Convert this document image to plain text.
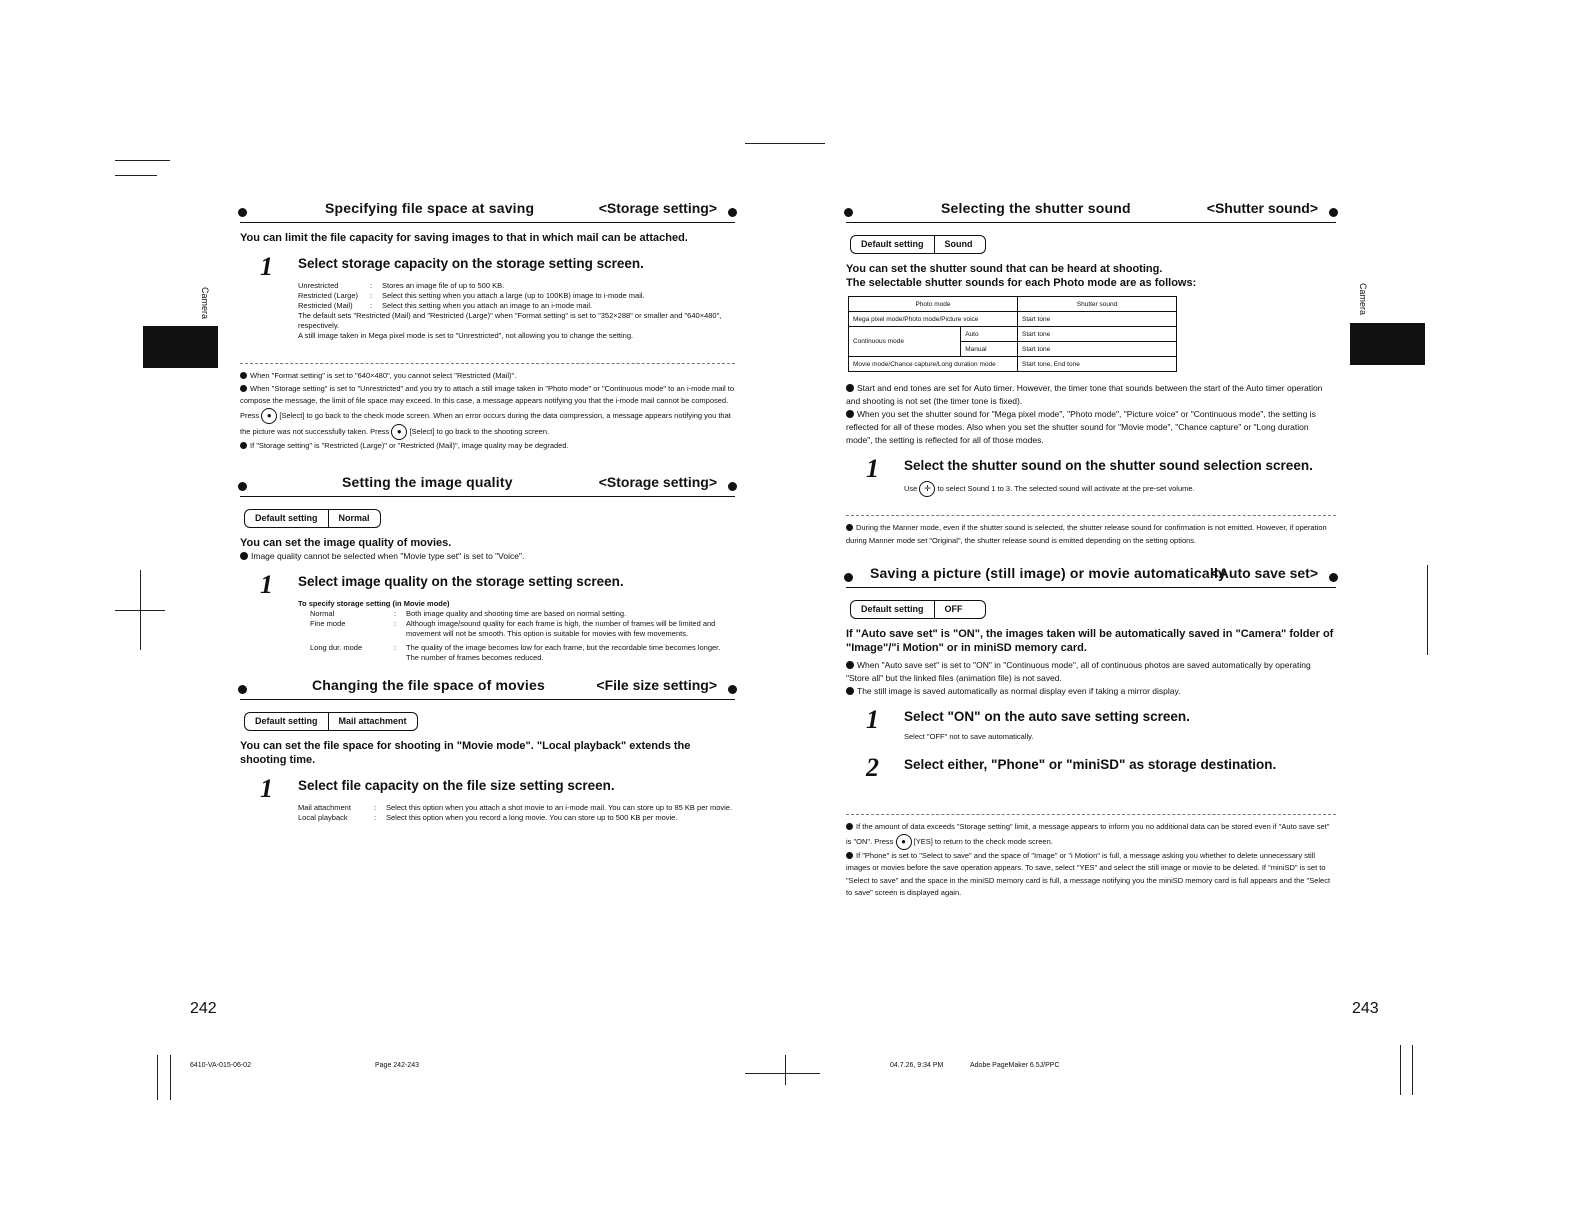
Camera	Camera
Specifying file space at saving	<Storage setting>

You can limit the file capacity for saving images to that in which mail can be attached.

1 Select storage capacity on the storage setting screen.
Unrestricted	:	Stores an image file of up to 500 KB.
Restricted (Large)	:	Select this setting when you attach a large (up to 100KB) image to i-mode mail.
Restricted (Mail)	:	Select this setting when you attach an image to an i-mode mail.
The default sets "Restricted (Mail) and "Restricted (Large)" when "Format setting" is set to "352×288" or smaller and "640×480", respectively.
A still image taken in Mega pixel mode is set to "Unrestricted", not allowing you to change the setting.
When "Format setting" is set to "640×480", you cannot select "Restricted (Mail)".
When "Storage setting" is set to "Unrestricted" and you try to attach a still image taken in "Photo mode" or "Continuous mode" to an i-mode mail to compose the message, the limit of file space may exceed. In this case, a message appears notifying you that the i-mode mail cannot be composed. Press ● [Select] to go back to the check mode screen. When an error occurs during the data compression, a message appears notifying you that the picture was not successfully taken. Press ● [Select] to go back to the shooting screen.
If "Storage setting" is "Restricted (Large)" or "Restricted (Mail)", image quality may be degraded.
Setting the image quality	<Storage setting>
Default setting	Normal

You can set the image quality of movies.

Image quality cannot be selected when "Movie type set" is set to "Voice".

1 Select image quality on the storage setting screen.
To specify storage setting (in Movie mode)
Normal	:	Both image quality and shooting time are based on normal setting.
Fine mode	:	Although image/sound quality for each frame is high, the number of frames will be limited and movement will not be smooth. This option is suitable for movies with few movements.
Long dur. mode	:	The quality of the image becomes low for each frame, but the recordable time becomes longer. The number of frames becomes reduced.
Changing the file space of movies	<File size setting>
Default setting	Mail attachment

You can set the file space for shooting in "Movie mode". "Local playback" extends the shooting time.

1 Select file capacity on the file size setting screen.
Mail attachment	:	Select this option when you attach a shot movie to an i-mode mail. You can store up to 85 KB per movie.
Local playback	:	Select this option when you record a long movie. You can store up to 500 KB per movie.
242
6410-VA-015-06-02	Page 242-243
Selecting the shutter sound	<Shutter sound>
Default setting	Sound

You can set the shutter sound that can be heard at shooting.

The selectable shutter sounds for each Photo mode are as follows:

Photo mode		Shutter sound
Mega pixel mode/Photo mode/Picture voice		Start tone
Continuous mode	Auto	Start tone
	Manual	Start tone
Movie mode/Chance capture/Long duration mode		Start tone, End tone

Start and end tones are set for Auto timer. However, the timer tone that sounds between the start of the Auto timer operation and shooting is not set (the timer tone is fixed).

When you set the shutter sound for "Mega pixel mode", "Photo mode", "Picture voice" or "Continuous mode", the setting is reflected for all of these modes. Also when you set the shutter sound for "Movie mode", "Chance capture" or "Long duration mode", the setting is reflected for all of those modes.

1 Select the shutter sound on the shutter sound selection screen.
Use ✛ to select Sound 1 to 3. The selected sound will activate at the pre-set volume.
During the Manner mode, even if the shutter sound is selected, the shutter release sound for confirmation is not emitted. However, if operation during Manner mode set "Original", the shutter release sound is emitted depending on the setting options.
Saving a picture (still image) or movie automatically
<Auto save set>
Default setting	OFF

If "Auto save set" is "ON", the images taken will be automatically saved in "Camera" folder of "Image"/"i Motion" or in miniSD memory card.

When "Auto save set" is set to "ON" in "Continuous mode", all of continuous photos are saved automatically by operating "Store all" but the linked files (animation file) is not saved.

The still image is saved automatically as normal display even if taking a mirror display.

1 Select "ON" on the auto save setting screen.
Select "OFF" not to save automatically.
2 Select either, "Phone" or "miniSD" as storage destination.
If the amount of data exceeds "Storage setting" limit, a message appears to inform you no additional data can be stored even if "Auto save set" is "ON". Press ● [YES] to return to the check mode screen.
If "Phone" is set to "Select to save" and the space of "Image" or "i Motion" is full, a message asking you whether to delete unnecessary still images or movies before the save operation appears. To save, select "YES" and select the still image or movie to be deleted. If "miniSD" is set to "Select to save" and the space in the miniSD memory card is full, a message notifying you the miniSD memory card is full appears and the "Select to save" screen is displayed again.
243
04.7.26, 9:34 PM	Adobe PageMaker 6.5J/PPC
